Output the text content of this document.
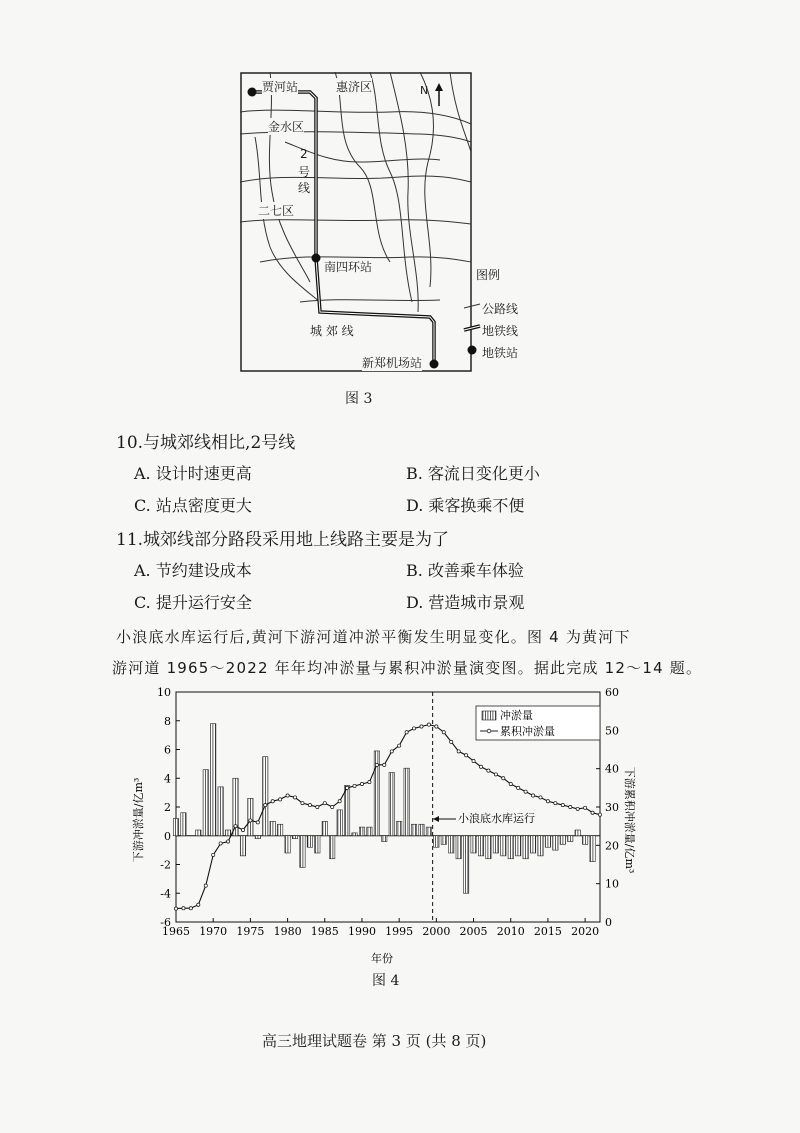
贾河站	惠济区
金水区
2
号
线
二七区
南四环站
城 郊 线
新郑机场站
N
图例
公路线
地铁线
地铁站
图 3
10.与城郊线相比,2号线
A. 设计时速更高	B. 客流日变化更小
C. 站点密度更大	D. 乘客换乘不便
11.城郊线部分路段采用地上线路主要是为了
A. 节约建设成本	B. 改善乘车体验
C. 提升运行安全	D. 营造城市景观
小浪底水库运行后,黄河下游河道冲淤平衡发生明显变化。图 4 为黄河下
游河道 1965～2022 年年均冲淤量与累积冲淤量演变图。据此完成 12～14 题。
-6
-4
-2
0
2
4
6
8
10
0
10
20
30
40
50
60
1965 1970 1975 1980 1985 1990 1995 2000 2005 2010 2015 2020
下游冲淤量/亿m³	下游累积冲淤量/亿m³
年份
小浪底水库运行
冲淤量
累积冲淤量
图 4
高三地理试题卷 第 3 页 (共 8 页)
